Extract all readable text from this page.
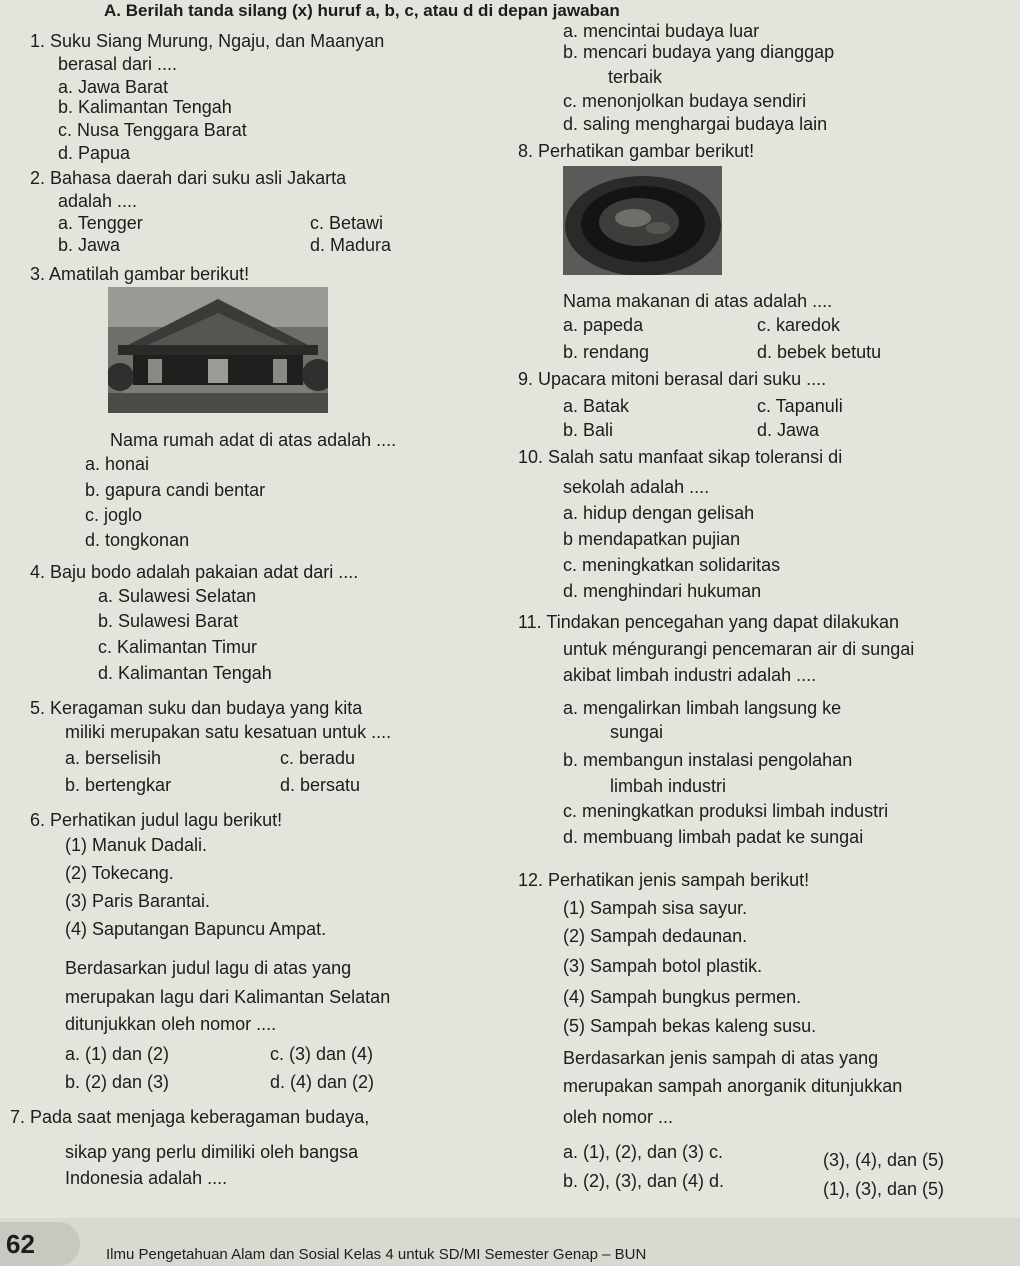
A. Berilah tanda silang (x) huruf a, b, c, atau d di depan jawaban
1. Suku Siang Murung, Ngaju, dan Maanyan
berasal dari ....
a. Jawa Barat
b. Kalimantan Tengah
c. Nusa Tenggara Barat
d. Papua
2. Bahasa daerah dari suku asli Jakarta
adalah ....
a. Tengger	c. Betawi
b. Jawa	d. Madura
3. Amatilah gambar berikut!
Nama rumah adat di atas adalah ....
a. honai
b. gapura candi bentar
c. joglo
d. tongkonan
4. Baju bodo adalah pakaian adat dari ....
a. Sulawesi Selatan
b. Sulawesi Barat
c. Kalimantan Timur
d. Kalimantan Tengah
5. Keragaman suku dan budaya yang kita
miliki merupakan satu kesatuan untuk ....
a. berselisih	c. beradu
b. bertengkar	d. bersatu
6. Perhatikan judul lagu berikut!
(1) Manuk Dadali.
(2) Tokecang.
(3) Paris Barantai.
(4) Saputangan Bapuncu Ampat.
Berdasarkan judul lagu di atas yang
merupakan lagu dari Kalimantan Selatan
ditunjukkan oleh nomor ....
a. (1) dan (2)	c. (3) dan (4)
b. (2) dan (3)	d. (4) dan (2)
7. Pada saat menjaga keberagaman budaya,
sikap yang perlu dimiliki oleh bangsa
Indonesia adalah ....
a. mencintai budaya luar
b. mencari budaya yang dianggap
terbaik
c. menonjolkan budaya sendiri
d. saling menghargai budaya lain
8. Perhatikan gambar berikut!
Nama makanan di atas adalah ....
a. papeda	c. karedok
b. rendang	d. bebek betutu
9. Upacara mitoni berasal dari suku ....
a. Batak	c. Tapanuli
b. Bali	d. Jawa
10. Salah satu manfaat sikap toleransi di
sekolah adalah ....
a. hidup dengan gelisah
b mendapatkan pujian
c. meningkatkan solidaritas
d. menghindari hukuman
11. Tindakan pencegahan yang dapat dilakukan
untuk méngurangi pencemaran air di sungai
akibat limbah industri adalah ....
a. mengalirkan limbah langsung ke
sungai
b. membangun instalasi pengolahan
limbah industri
c. meningkatkan produksi limbah industri
d. membuang limbah padat ke sungai
12. Perhatikan jenis sampah berikut!
(1) Sampah sisa sayur.
(2) Sampah dedaunan.
(3) Sampah botol plastik.
(4) Sampah bungkus permen.
(5) Sampah bekas kaleng susu.
Berdasarkan jenis sampah di atas yang
merupakan sampah anorganik ditunjukkan
oleh nomor ...
a. (1), (2), dan (3) c.	(3), (4), dan (5)
b. (2), (3), dan (4) d.	(1), (3), dan (5)
62	Ilmu Pengetahuan Alam dan Sosial Kelas 4 untuk SD/MI Semester Genap – BUN
